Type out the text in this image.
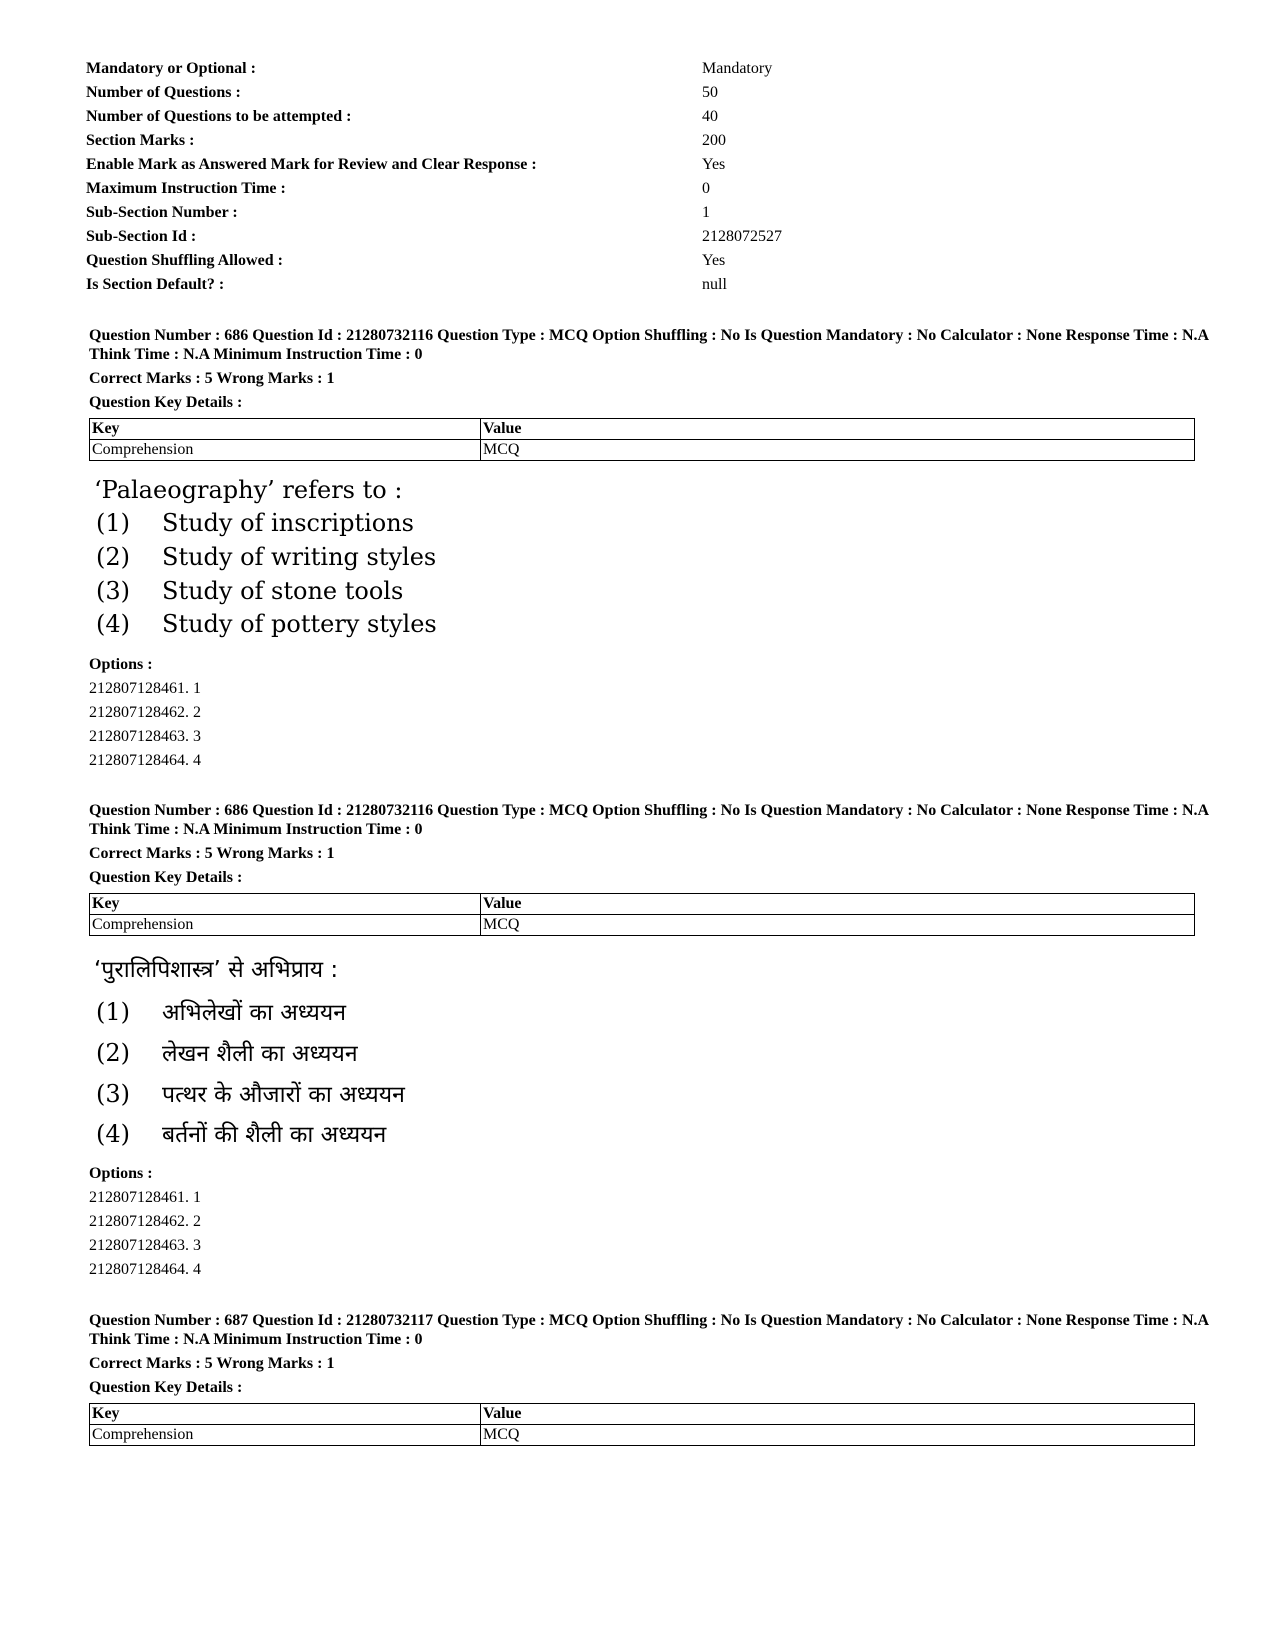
Mandatory or Optional :	Mandatory
Number of Questions :	50
Number of Questions to be attempted :	40
Section Marks :	200
Enable Mark as Answered Mark for Review and Clear Response :	Yes
Maximum Instruction Time :	0
Sub-Section Number :	1
Sub-Section Id :	2128072527
Question Shuffling Allowed :	Yes
Is Section Default? :	null
Question Number : 686 Question Id : 21280732116 Question Type : MCQ Option Shuffling : No Is Question Mandatory : No Calculator : None Response Time : N.A Think Time : N.A Minimum Instruction Time : 0
Correct Marks : 5 Wrong Marks : 1
Question Key Details :
Key	Value
Comprehension	MCQ
‘Palaeography’ refers to :
(1) Study of inscriptions
(2) Study of writing styles
(3) Study of stone tools
(4) Study of pottery styles
Options :
212807128461. 1
212807128462. 2
212807128463. 3
212807128464. 4
Question Number : 686 Question Id : 21280732116 Question Type : MCQ Option Shuffling : No Is Question Mandatory : No Calculator : None Response Time : N.A Think Time : N.A Minimum Instruction Time : 0
Correct Marks : 5 Wrong Marks : 1
Question Key Details :
Key	Value
Comprehension	MCQ
‘पुरालिपिशास्त्र’ से अभिप्राय :
(1) अभिलेखों का अध्ययन
(2) लेखन शैली का अध्ययन
(3) पत्थर के औजारों का अध्ययन
(4) बर्तनों की शैली का अध्ययन
Options :
212807128461. 1
212807128462. 2
212807128463. 3
212807128464. 4
Question Number : 687 Question Id : 21280732117 Question Type : MCQ Option Shuffling : No Is Question Mandatory : No Calculator : None Response Time : N.A Think Time : N.A Minimum Instruction Time : 0
Correct Marks : 5 Wrong Marks : 1
Question Key Details :
Key	Value
Comprehension	MCQ
